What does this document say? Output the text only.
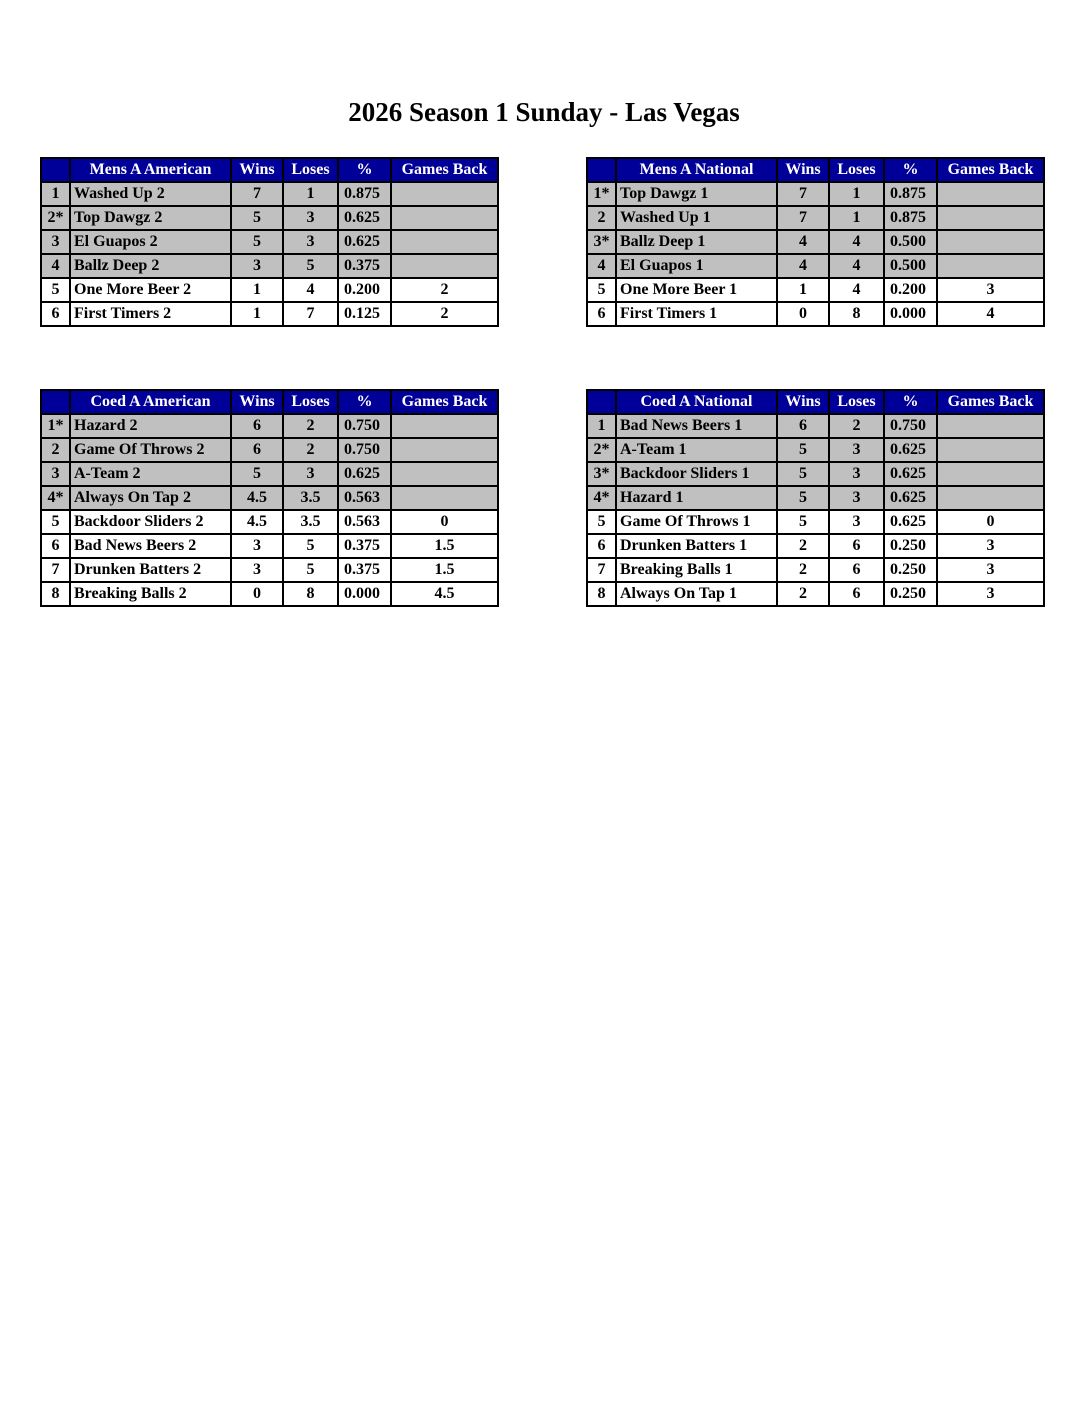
2026 Season 1 Sunday - Las Vegas
	Mens A American	Wins	Loses	%	Games Back
1	Washed Up 2	7	1	0.875	
2*	Top Dawgz 2	5	3	0.625	
3	El Guapos 2	5	3	0.625	
4	Ballz Deep 2	3	5	0.375	
5	One More Beer 2	1	4	0.200	2
6	First Timers 2	1	7	0.125	2
	Mens A National	Wins	Loses	%	Games Back
1*	Top Dawgz 1	7	1	0.875	
2	Washed Up 1	7	1	0.875	
3*	Ballz Deep 1	4	4	0.500	
4	El Guapos 1	4	4	0.500	
5	One More Beer 1	1	4	0.200	3
6	First Timers 1	0	8	0.000	4
	Coed A American	Wins	Loses	%	Games Back
1*	Hazard 2	6	2	0.750	
2	Game Of Throws 2	6	2	0.750	
3	A-Team 2	5	3	0.625	
4*	Always On Tap 2	4.5	3.5	0.563	
5	Backdoor Sliders 2	4.5	3.5	0.563	0
6	Bad News Beers 2	3	5	0.375	1.5
7	Drunken Batters 2	3	5	0.375	1.5
8	Breaking Balls 2	0	8	0.000	4.5
	Coed A National	Wins	Loses	%	Games Back
1	Bad News Beers 1	6	2	0.750	
2*	A-Team 1	5	3	0.625	
3*	Backdoor Sliders 1	5	3	0.625	
4*	Hazard 1	5	3	0.625	
5	Game Of Throws 1	5	3	0.625	0
6	Drunken Batters 1	2	6	0.250	3
7	Breaking Balls 1	2	6	0.250	3
8	Always On Tap 1	2	6	0.250	3
